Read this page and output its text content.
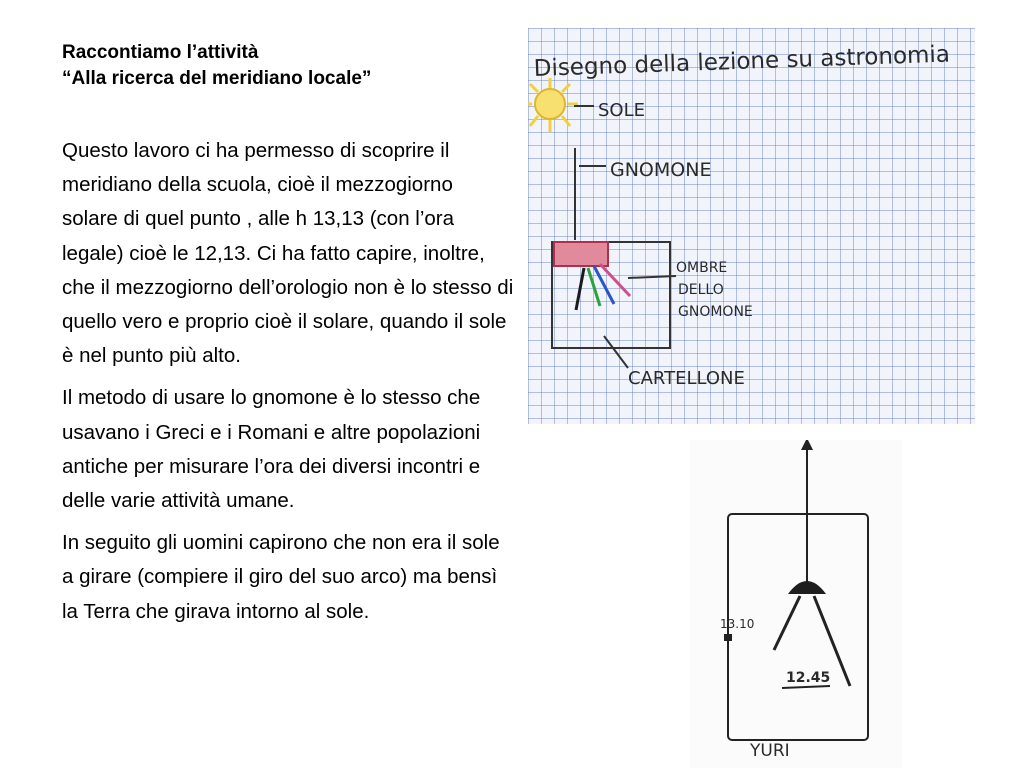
Raccontiamo l’attività
“Alla ricerca del meridiano locale”

Questo lavoro ci ha permesso di scoprire il meridiano della scuola, cioè il mezzogiorno solare di quel punto , alle h 13,13 (con l’ora legale) cioè le 12,13. Ci ha fatto capire, inoltre, che il mezzogiorno dell’orologio non è lo stesso di quello vero e proprio cioè il solare, quando il sole è nel punto più alto.

Il metodo di usare lo gnomone è lo stesso che usavano i Greci e i Romani e altre popolazioni antiche per misurare l’ora dei diversi incontri e delle varie attività umane.

In seguito gli uomini capirono che non era il sole a girare (compiere il giro del suo arco) ma bensì la Terra che girava intorno al sole.

Disegno della lezione su astronomia
SOLE
GNOMONE
OMBRE
DELLO
GNOMONE
CARTELLONE
13.10
12.45
YURI
